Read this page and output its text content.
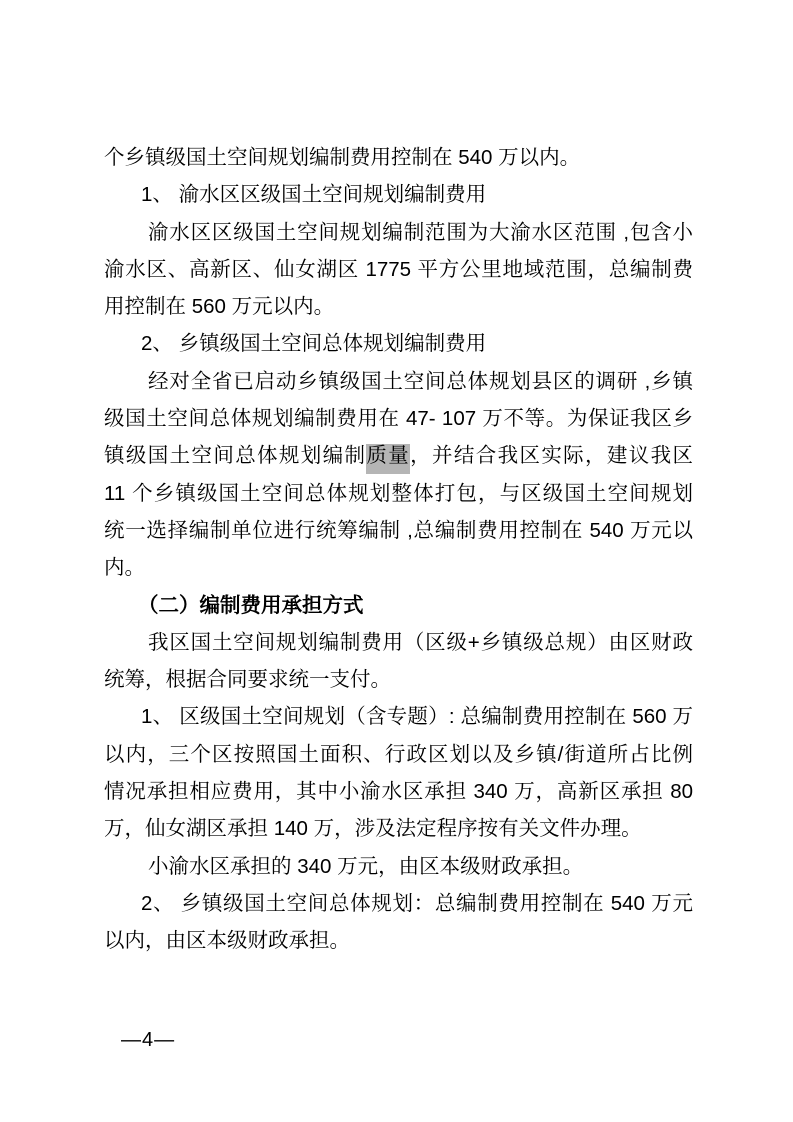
个乡镇级国土空间规划编制费用控制在 540 万以内。
1、 渝水区区级国土空间规划编制费用
渝水区区级国土空间规划编制范围为大渝水区范围 ,包含小
渝水区、高新区、仙女湖区 1775 平方公里地域范围，总编制费
用控制在 560 万元以内。
2、 乡镇级国土空间总体规划编制费用
经对全省已启动乡镇级国土空间总体规划县区的调研 ,乡镇
级国土空间总体规划编制费用在 47- 107 万不等。为保证我区乡
镇级国土空间总体规划编制质量，并结合我区实际，建议我区
11 个乡镇级国土空间总体规划整体打包，与区级国土空间规划
统一选择编制单位进行统筹编制 ,总编制费用控制在 540 万元以
内。
（二）编制费用承担方式
我区国土空间规划编制费用（区级+乡镇级总规）由区财政
统筹，根据合同要求统一支付。
1、 区级国土空间规划（含专题）: 总编制费用控制在 560 万
以内，三个区按照国土面积、行政区划以及乡镇/街道所占比例
情况承担相应费用，其中小渝水区承担 340 万，高新区承担 80
万，仙女湖区承担 140 万，涉及法定程序按有关文件办理。
小渝水区承担的 340 万元，由区本级财政承担。
2、 乡镇级国土空间总体规划：总编制费用控制在 540 万元
以内，由区本级财政承担。
—4—
